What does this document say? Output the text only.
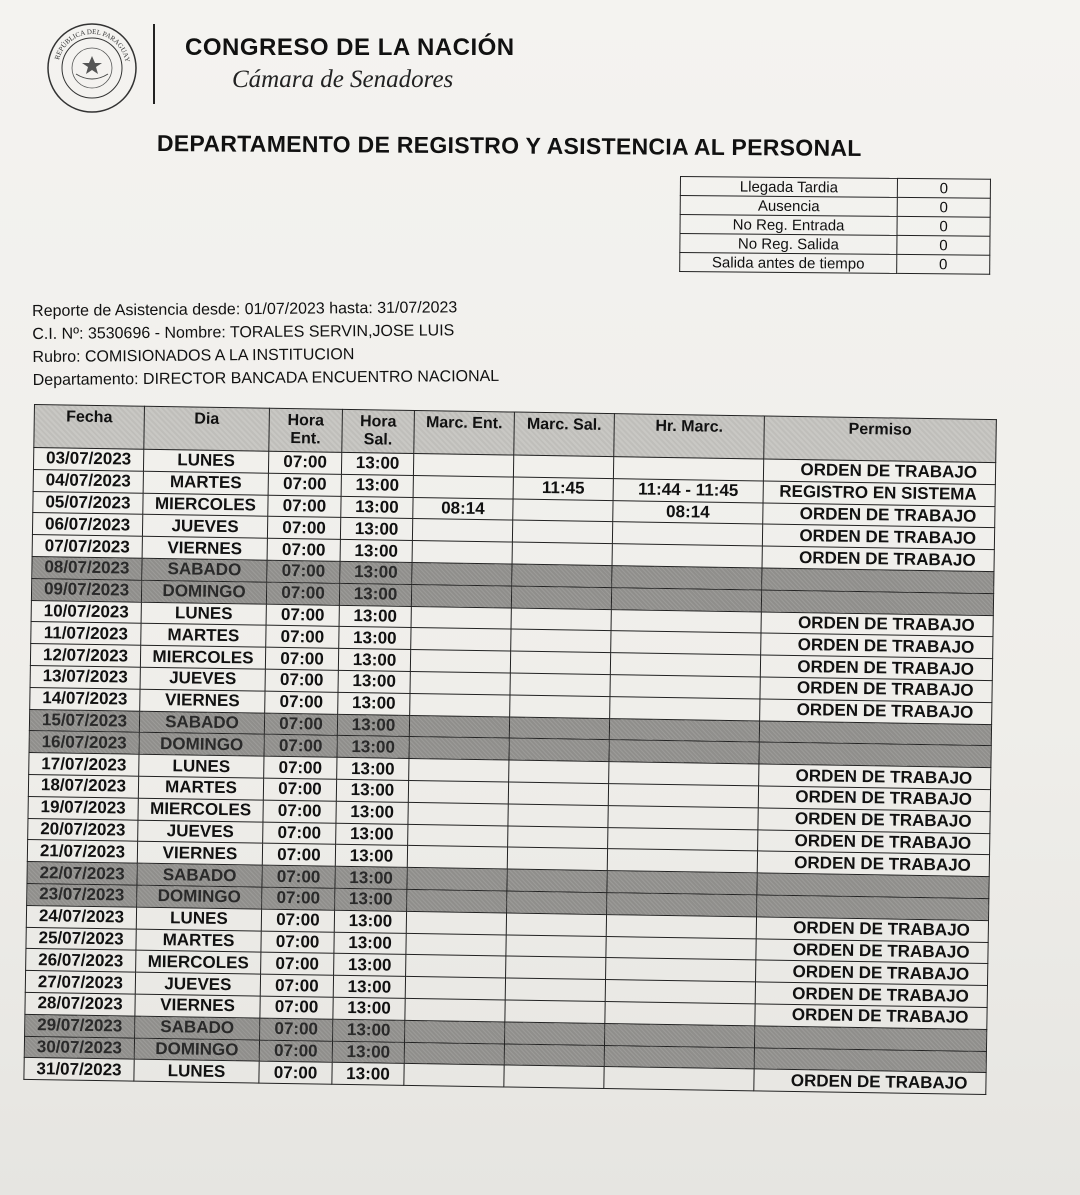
REPÚBLICA DEL PARAGUAY CONGRESO DE LA NACIÓN
Cámara de Senadores
DEPARTAMENTO DE REGISTRO Y ASISTENCIA AL PERSONAL
Llegada Tardia	0
Ausencia	0
No Reg. Entrada	0
No Reg. Salida	0
Salida antes de tiempo	0
Reporte de Asistencia desde: 01/07/2023 hasta: 31/07/2023
C.I. Nº: 3530696 - Nombre: TORALES SERVIN,JOSE LUIS
Rubro: COMISIONADOS A LA INSTITUCION
Departamento: DIRECTOR BANCADA ENCUENTRO NACIONAL
Fecha	Dia	Hora Ent.	Hora Sal.	Marc. Ent.	Marc. Sal.	Hr. Marc.	Permiso
03/07/2023	LUNES	07:00	13:00				ORDEN DE TRABAJO
04/07/2023	MARTES	07:00	13:00		11:45	11:44 - 11:45	REGISTRO EN SISTEMA
05/07/2023	MIERCOLES	07:00	13:00	08:14		08:14	ORDEN DE TRABAJO
06/07/2023	JUEVES	07:00	13:00				ORDEN DE TRABAJO
07/07/2023	VIERNES	07:00	13:00				ORDEN DE TRABAJO
08/07/2023	SABADO	07:00	13:00				
09/07/2023	DOMINGO	07:00	13:00				
10/07/2023	LUNES	07:00	13:00				ORDEN DE TRABAJO
11/07/2023	MARTES	07:00	13:00				ORDEN DE TRABAJO
12/07/2023	MIERCOLES	07:00	13:00				ORDEN DE TRABAJO
13/07/2023	JUEVES	07:00	13:00				ORDEN DE TRABAJO
14/07/2023	VIERNES	07:00	13:00				ORDEN DE TRABAJO
15/07/2023	SABADO	07:00	13:00				
16/07/2023	DOMINGO	07:00	13:00				
17/07/2023	LUNES	07:00	13:00				ORDEN DE TRABAJO
18/07/2023	MARTES	07:00	13:00				ORDEN DE TRABAJO
19/07/2023	MIERCOLES	07:00	13:00				ORDEN DE TRABAJO
20/07/2023	JUEVES	07:00	13:00				ORDEN DE TRABAJO
21/07/2023	VIERNES	07:00	13:00				ORDEN DE TRABAJO
22/07/2023	SABADO	07:00	13:00				
23/07/2023	DOMINGO	07:00	13:00				
24/07/2023	LUNES	07:00	13:00				ORDEN DE TRABAJO
25/07/2023	MARTES	07:00	13:00				ORDEN DE TRABAJO
26/07/2023	MIERCOLES	07:00	13:00				ORDEN DE TRABAJO
27/07/2023	JUEVES	07:00	13:00				ORDEN DE TRABAJO
28/07/2023	VIERNES	07:00	13:00				ORDEN DE TRABAJO
29/07/2023	SABADO	07:00	13:00				
30/07/2023	DOMINGO	07:00	13:00				
31/07/2023	LUNES	07:00	13:00				ORDEN DE TRABAJO
